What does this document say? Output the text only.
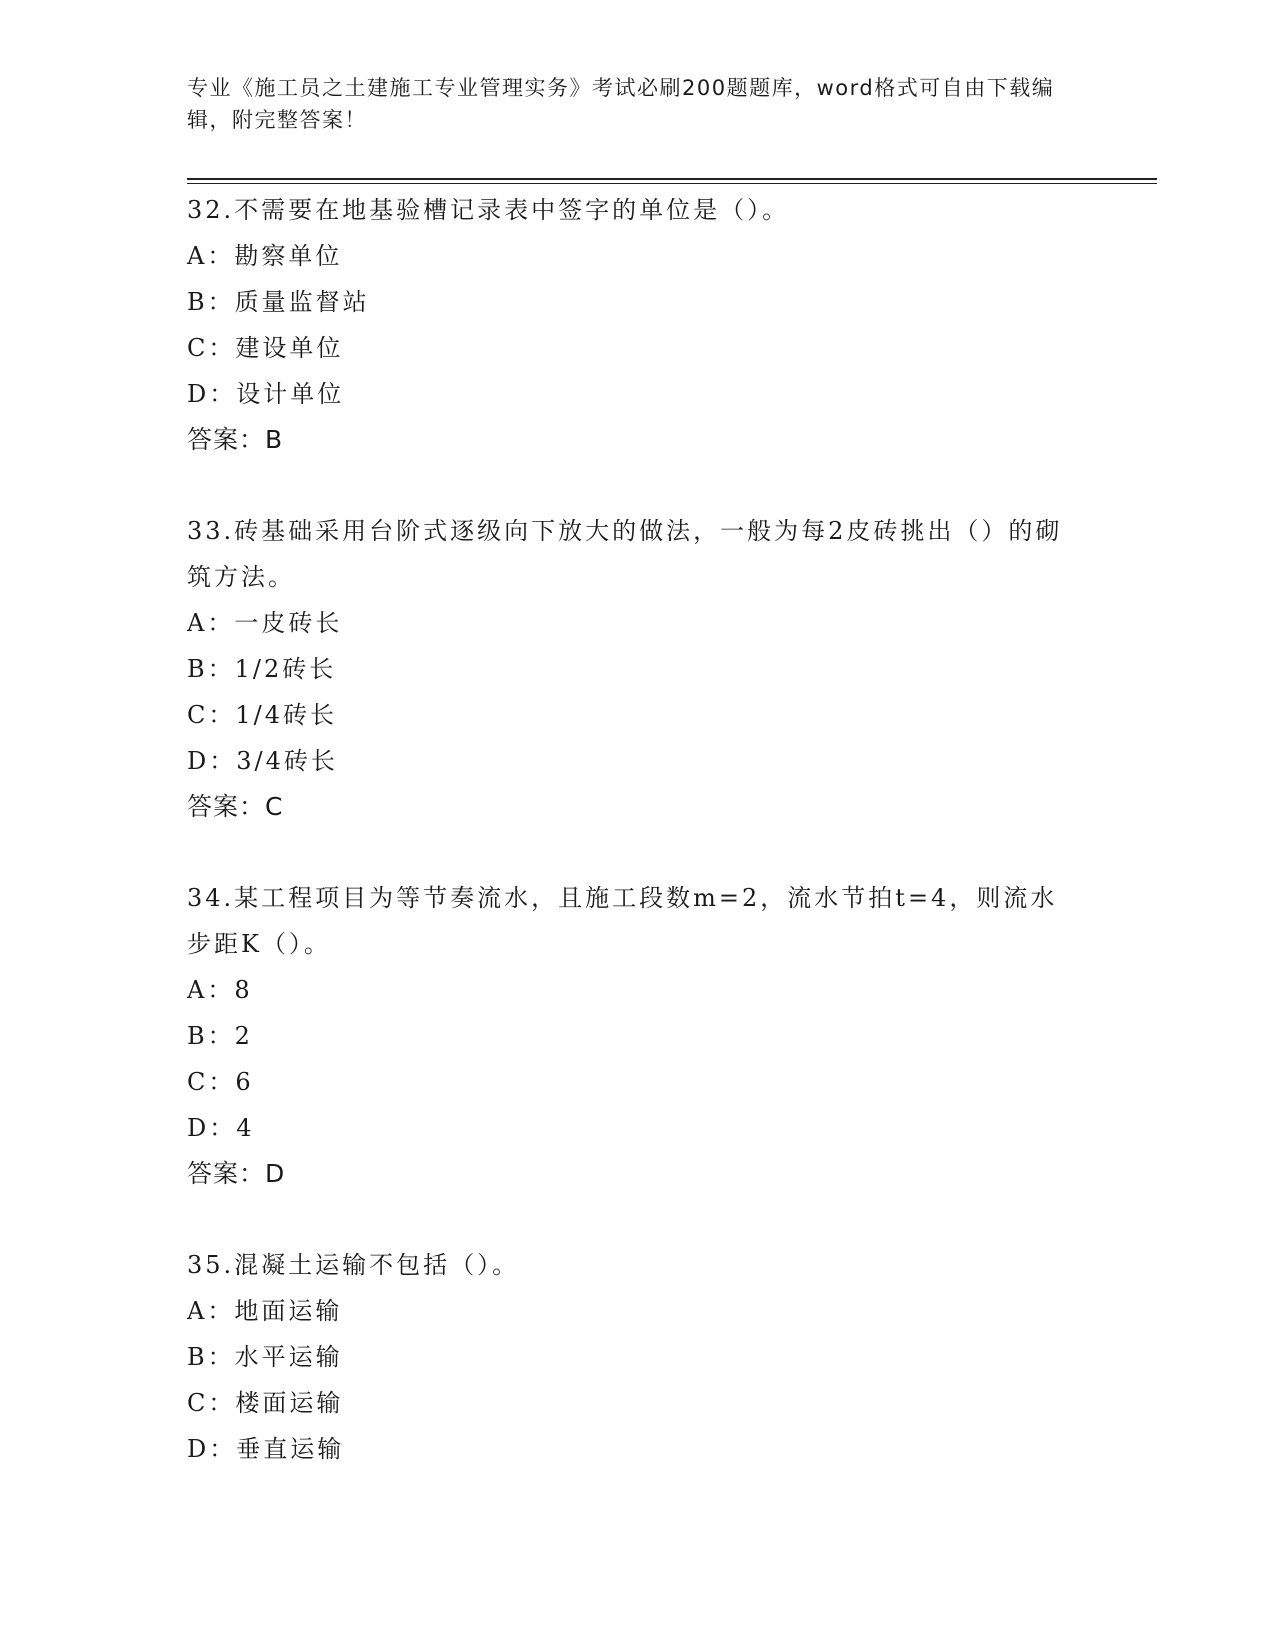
专业《施工员之土建施工专业管理实务》考试必刷200题题库，word格式可自由下载编辑，附完整答案！
32.不需要在地基验槽记录表中签字的单位是（）。
A：勘察单位
B：质量监督站
C：建设单位
D：设计单位
答案：B
33.砖基础采用台阶式逐级向下放大的做法，一般为每2皮砖挑出（）的砌筑方法。
A：一皮砖长
B：1/2砖长
C：1/4砖长
D：3/4砖长
答案：C
34.某工程项目为等节奏流水，且施工段数m=2，流水节拍t=4，则流水步距K（）。
A：8
B：2
C：6
D：4
答案：D
35.混凝土运输不包括（）。
A：地面运输
B：水平运输
C：楼面运输
D：垂直运输
